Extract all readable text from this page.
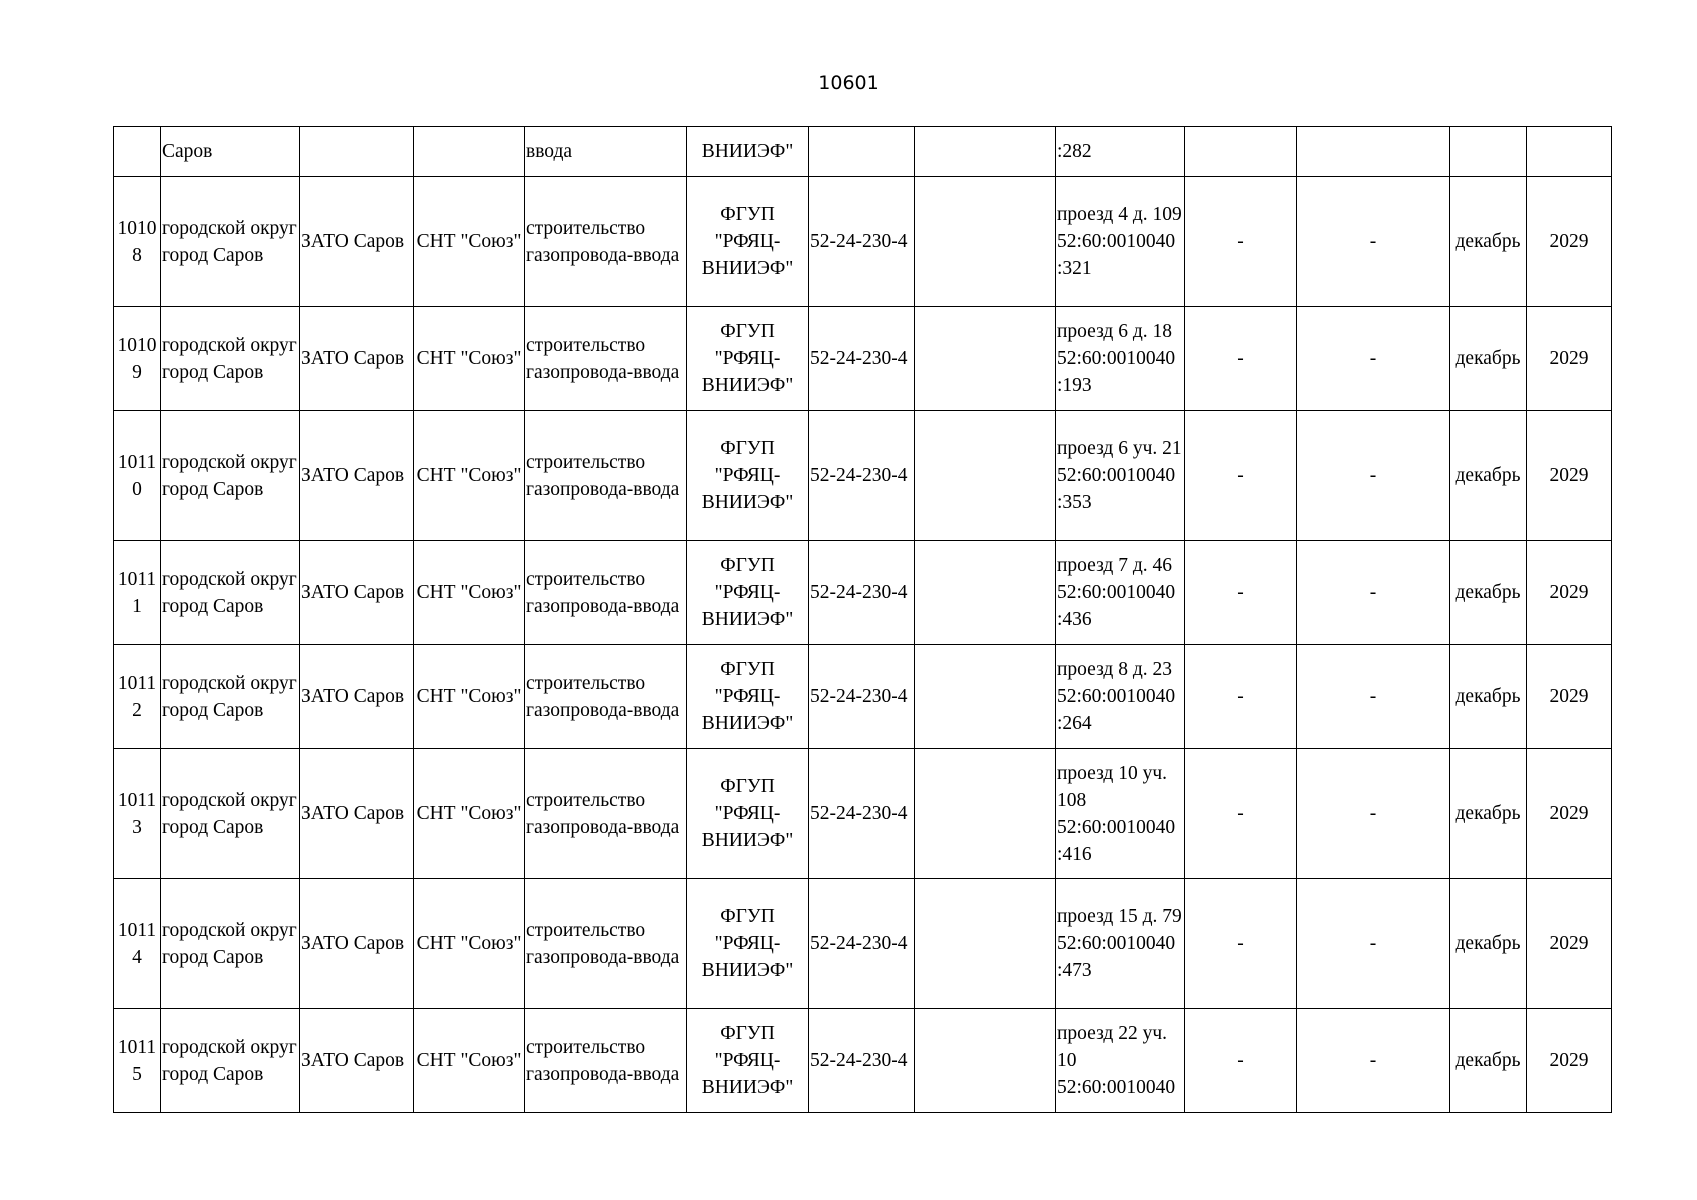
10601
	Саров			ввода	ВНИИЭФ"			:282				
10108	городской округ город Саров	ЗАТО Саров	СНТ "Союз"	строительство газопровода-ввода	ФГУП "РФЯЦ-ВНИИЭФ"	52-24-230-4		проезд 4 д. 109 52:60:0010040 :321	-	-	декабрь	2029
10109	городской округ город Саров	ЗАТО Саров	СНТ "Союз"	строительство газопровода-ввода	ФГУП "РФЯЦ-ВНИИЭФ"	52-24-230-4		проезд 6 д. 18 52:60:0010040 :193	-	-	декабрь	2029
10110	городской округ город Саров	ЗАТО Саров	СНТ "Союз"	строительство газопровода-ввода	ФГУП "РФЯЦ-ВНИИЭФ"	52-24-230-4		проезд 6 уч. 21 52:60:0010040 :353	-	-	декабрь	2029
10111	городской округ город Саров	ЗАТО Саров	СНТ "Союз"	строительство газопровода-ввода	ФГУП "РФЯЦ-ВНИИЭФ"	52-24-230-4		проезд 7 д. 46 52:60:0010040 :436	-	-	декабрь	2029
10112	городской округ город Саров	ЗАТО Саров	СНТ "Союз"	строительство газопровода-ввода	ФГУП "РФЯЦ-ВНИИЭФ"	52-24-230-4		проезд 8 д. 23 52:60:0010040 :264	-	-	декабрь	2029
10113	городской округ город Саров	ЗАТО Саров	СНТ "Союз"	строительство газопровода-ввода	ФГУП "РФЯЦ-ВНИИЭФ"	52-24-230-4		проезд 10 уч. 108 52:60:0010040 :416	-	-	декабрь	2029
10114	городской округ город Саров	ЗАТО Саров	СНТ "Союз"	строительство газопровода-ввода	ФГУП "РФЯЦ-ВНИИЭФ"	52-24-230-4		проезд 15 д. 79 52:60:0010040 :473	-	-	декабрь	2029
10115	городской округ город Саров	ЗАТО Саров	СНТ "Союз"	строительство газопровода-ввода	ФГУП "РФЯЦ-ВНИИЭФ"	52-24-230-4		проезд 22 уч. 10 52:60:0010040	-	-	декабрь	2029
